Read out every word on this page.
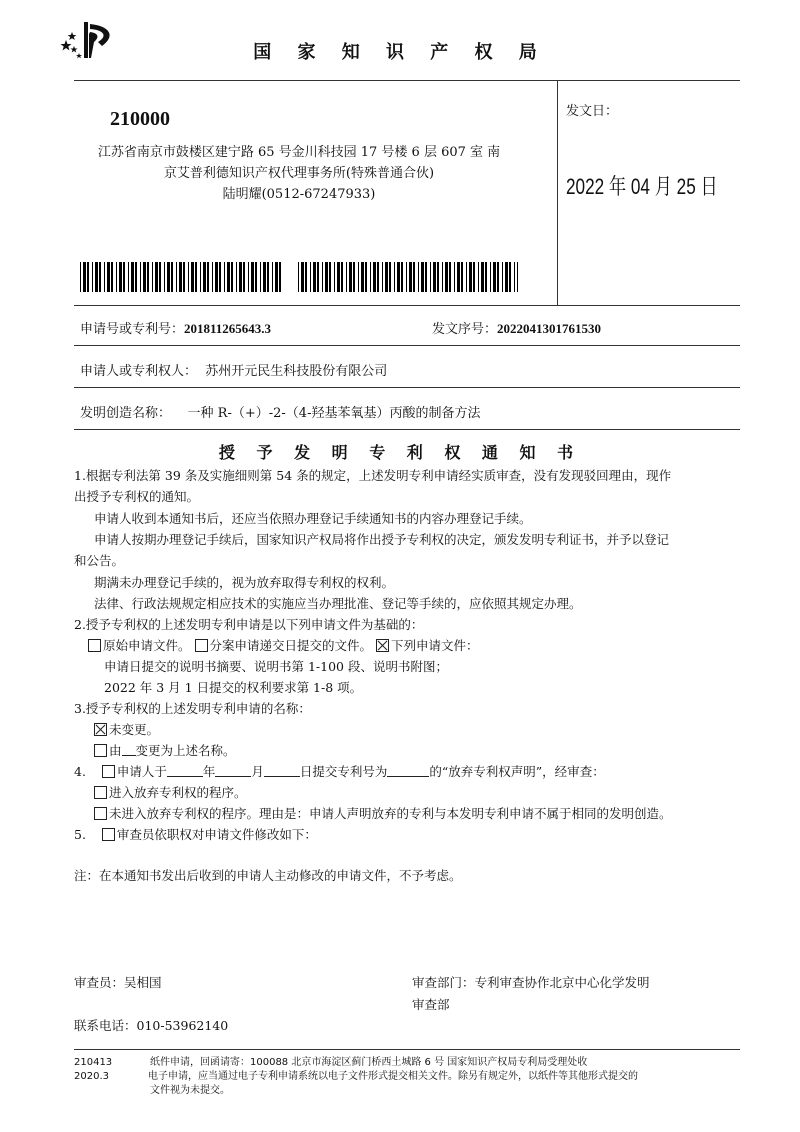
国 家 知 识 产 权 局
210000
江苏省南京市鼓楼区建宁路 65 号金川科技园 17 号楼 6 层 607 室 南
京艾普利德知识产权代理事务所(特殊普通合伙)
陆明耀(0512-67247933)
发文日：
2022 年 04 月 25 日
申请号或专利号：201811265643.3	发文序号：2022041301761530
申请人或专利权人： 苏州开元民生科技股份有限公司
发明创造名称： 一种 R-（+）-2-（4-羟基苯氧基）丙酸的制备方法
授 予 发 明 专 利 权 通 知 书
1.根据专利法第 39 条及实施细则第 54 条的规定，上述发明专利申请经实质审查，没有发现驳回理由，现作
出授予专利权的通知。
申请人收到本通知书后，还应当依照办理登记手续通知书的内容办理登记手续。
申请人按期办理登记手续后，国家知识产权局将作出授予专利权的决定，颁发发明专利证书，并予以登记
和公告。
期满未办理登记手续的，视为放弃取得专利权的权利。
法律、行政法规规定相应技术的实施应当办理批准、登记等手续的，应依照其规定办理。
2.授予专利权的上述发明专利申请是以下列申请文件为基础的：
原始申请文件。 分案申请递交日提交的文件。 下列申请文件：
申请日提交的说明书摘要、说明书第 1-100 段、说明书附图；
2022 年 3 月 1 日提交的权利要求第 1-8 项。
3.授予专利权的上述发明专利申请的名称：
未变更。
由 变更为上述名称。
4. 申请人于	年	月	日提交专利号为	的“放弃专利权声明”，经审查：
进入放弃专利权的程序。
未进入放弃专利权的程序。理由是：申请人声明放弃的专利与本发明专利申请不属于相同的发明创造。
5. 审查员依职权对申请文件修改如下：
注：在本通知书发出后收到的申请人主动修改的申请文件，不予考虑。
审查员：吴相国	审查部门：专利审查协作北京中心化学发明
审查部
联系电话：010-53962140
210413
2020.3
纸件申请，回函请寄：100088 北京市海淀区蓟门桥西土城路 6 号 国家知识产权局专利局受理处收
电子申请，应当通过电子专利申请系统以电子文件形式提交相关文件。除另有规定外，以纸件等其他形式提交的
文件视为未提交。
